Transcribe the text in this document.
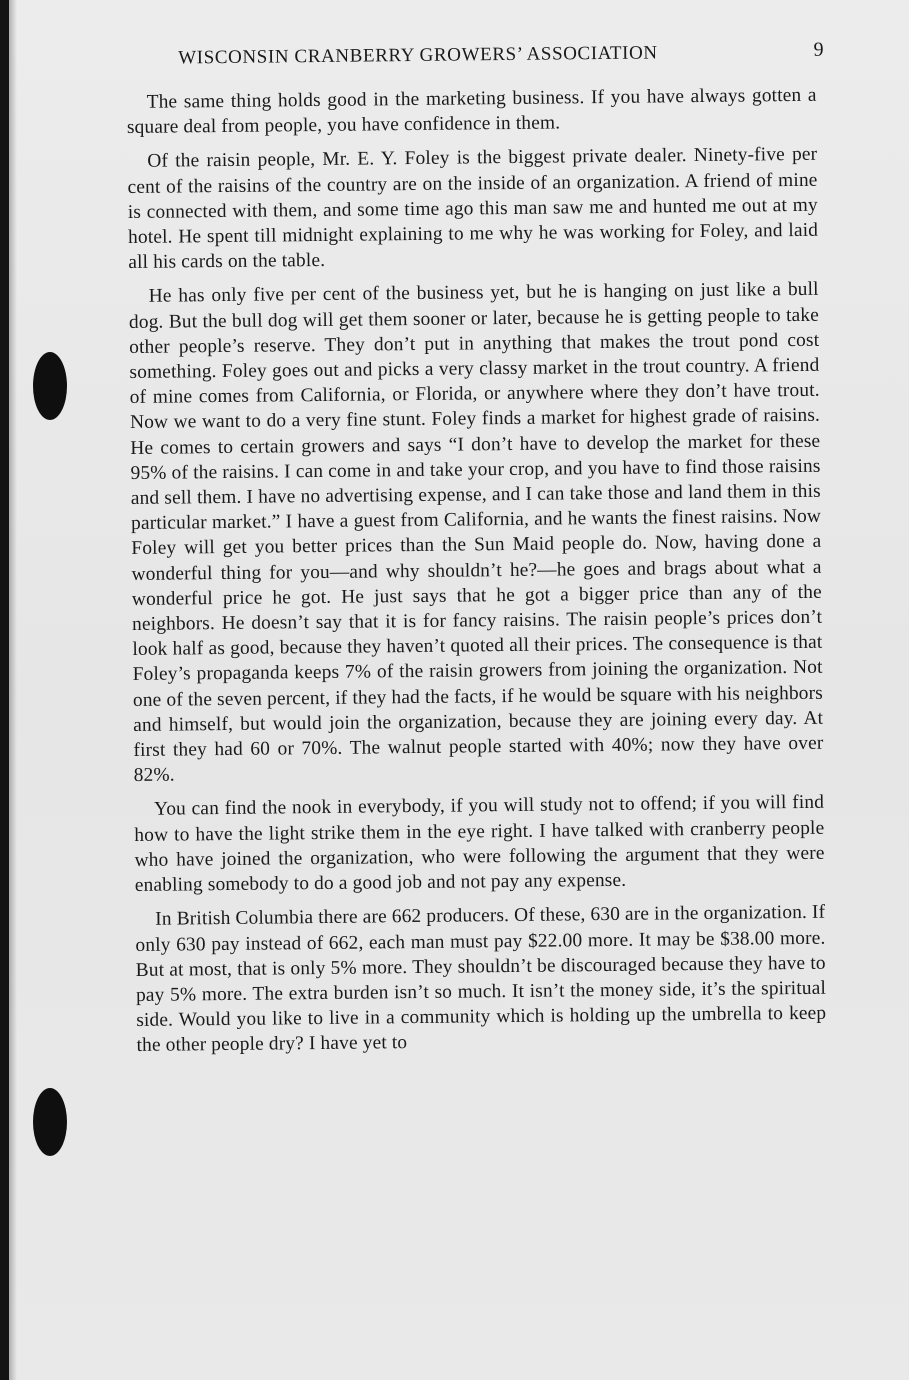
WISCONSIN CRANBERRY GROWERS’ ASSOCIATION	9

The same thing holds good in the marketing business. If you have always gotten a square deal from people, you have confidence in them.

Of the raisin people, Mr. E. Y. Foley is the biggest private dealer. Ninety-five per cent of the raisins of the country are on the inside of an organization. A friend of mine is connected with them, and some time ago this man saw me and hunted me out at my hotel. He spent till midnight explaining to me why he was working for Foley, and laid all his cards on the table.

He has only five per cent of the business yet, but he is hanging on just like a bull dog. But the bull dog will get them sooner or later, because he is getting people to take other people’s reserve. They don’t put in anything that makes the trout pond cost something. Foley goes out and picks a very classy market in the trout country. A friend of mine comes from California, or Florida, or anywhere where they don’t have trout. Now we want to do a very fine stunt. Foley finds a market for highest grade of raisins. He comes to certain growers and says “I don’t have to develop the market for these 95% of the raisins. I can come in and take your crop, and you have to find those raisins and sell them. I have no advertising expense, and I can take those and land them in this particular market.” I have a guest from California, and he wants the finest raisins. Now Foley will get you better prices than the Sun Maid people do. Now, having done a wonderful thing for you—and why shouldn’t he?—he goes and brags about what a wonderful price he got. He just says that he got a bigger price than any of the neighbors. He doesn’t say that it is for fancy raisins. The raisin people’s prices don’t look half as good, because they haven’t quoted all their prices. The consequence is that Foley’s propaganda keeps 7% of the raisin growers from joining the organization. Not one of the seven percent, if they had the facts, if he would be square with his neighbors and himself, but would join the organization, because they are joining every day. At first they had 60 or 70%. The walnut people started with 40%; now they have over 82%.

You can find the nook in everybody, if you will study not to offend; if you will find how to have the light strike them in the eye right. I have talked with cranberry people who have joined the organization, who were following the argument that they were enabling somebody to do a good job and not pay any expense.

In British Columbia there are 662 producers. Of these, 630 are in the organization. If only 630 pay instead of 662, each man must pay $22.00 more. It may be $38.00 more. But at most, that is only 5% more. They shouldn’t be discouraged because they have to pay 5% more. The extra burden isn’t so much. It isn’t the money side, it’s the spiritual side. Would you like to live in a community which is holding up the umbrella to keep the other people dry? I have yet to
